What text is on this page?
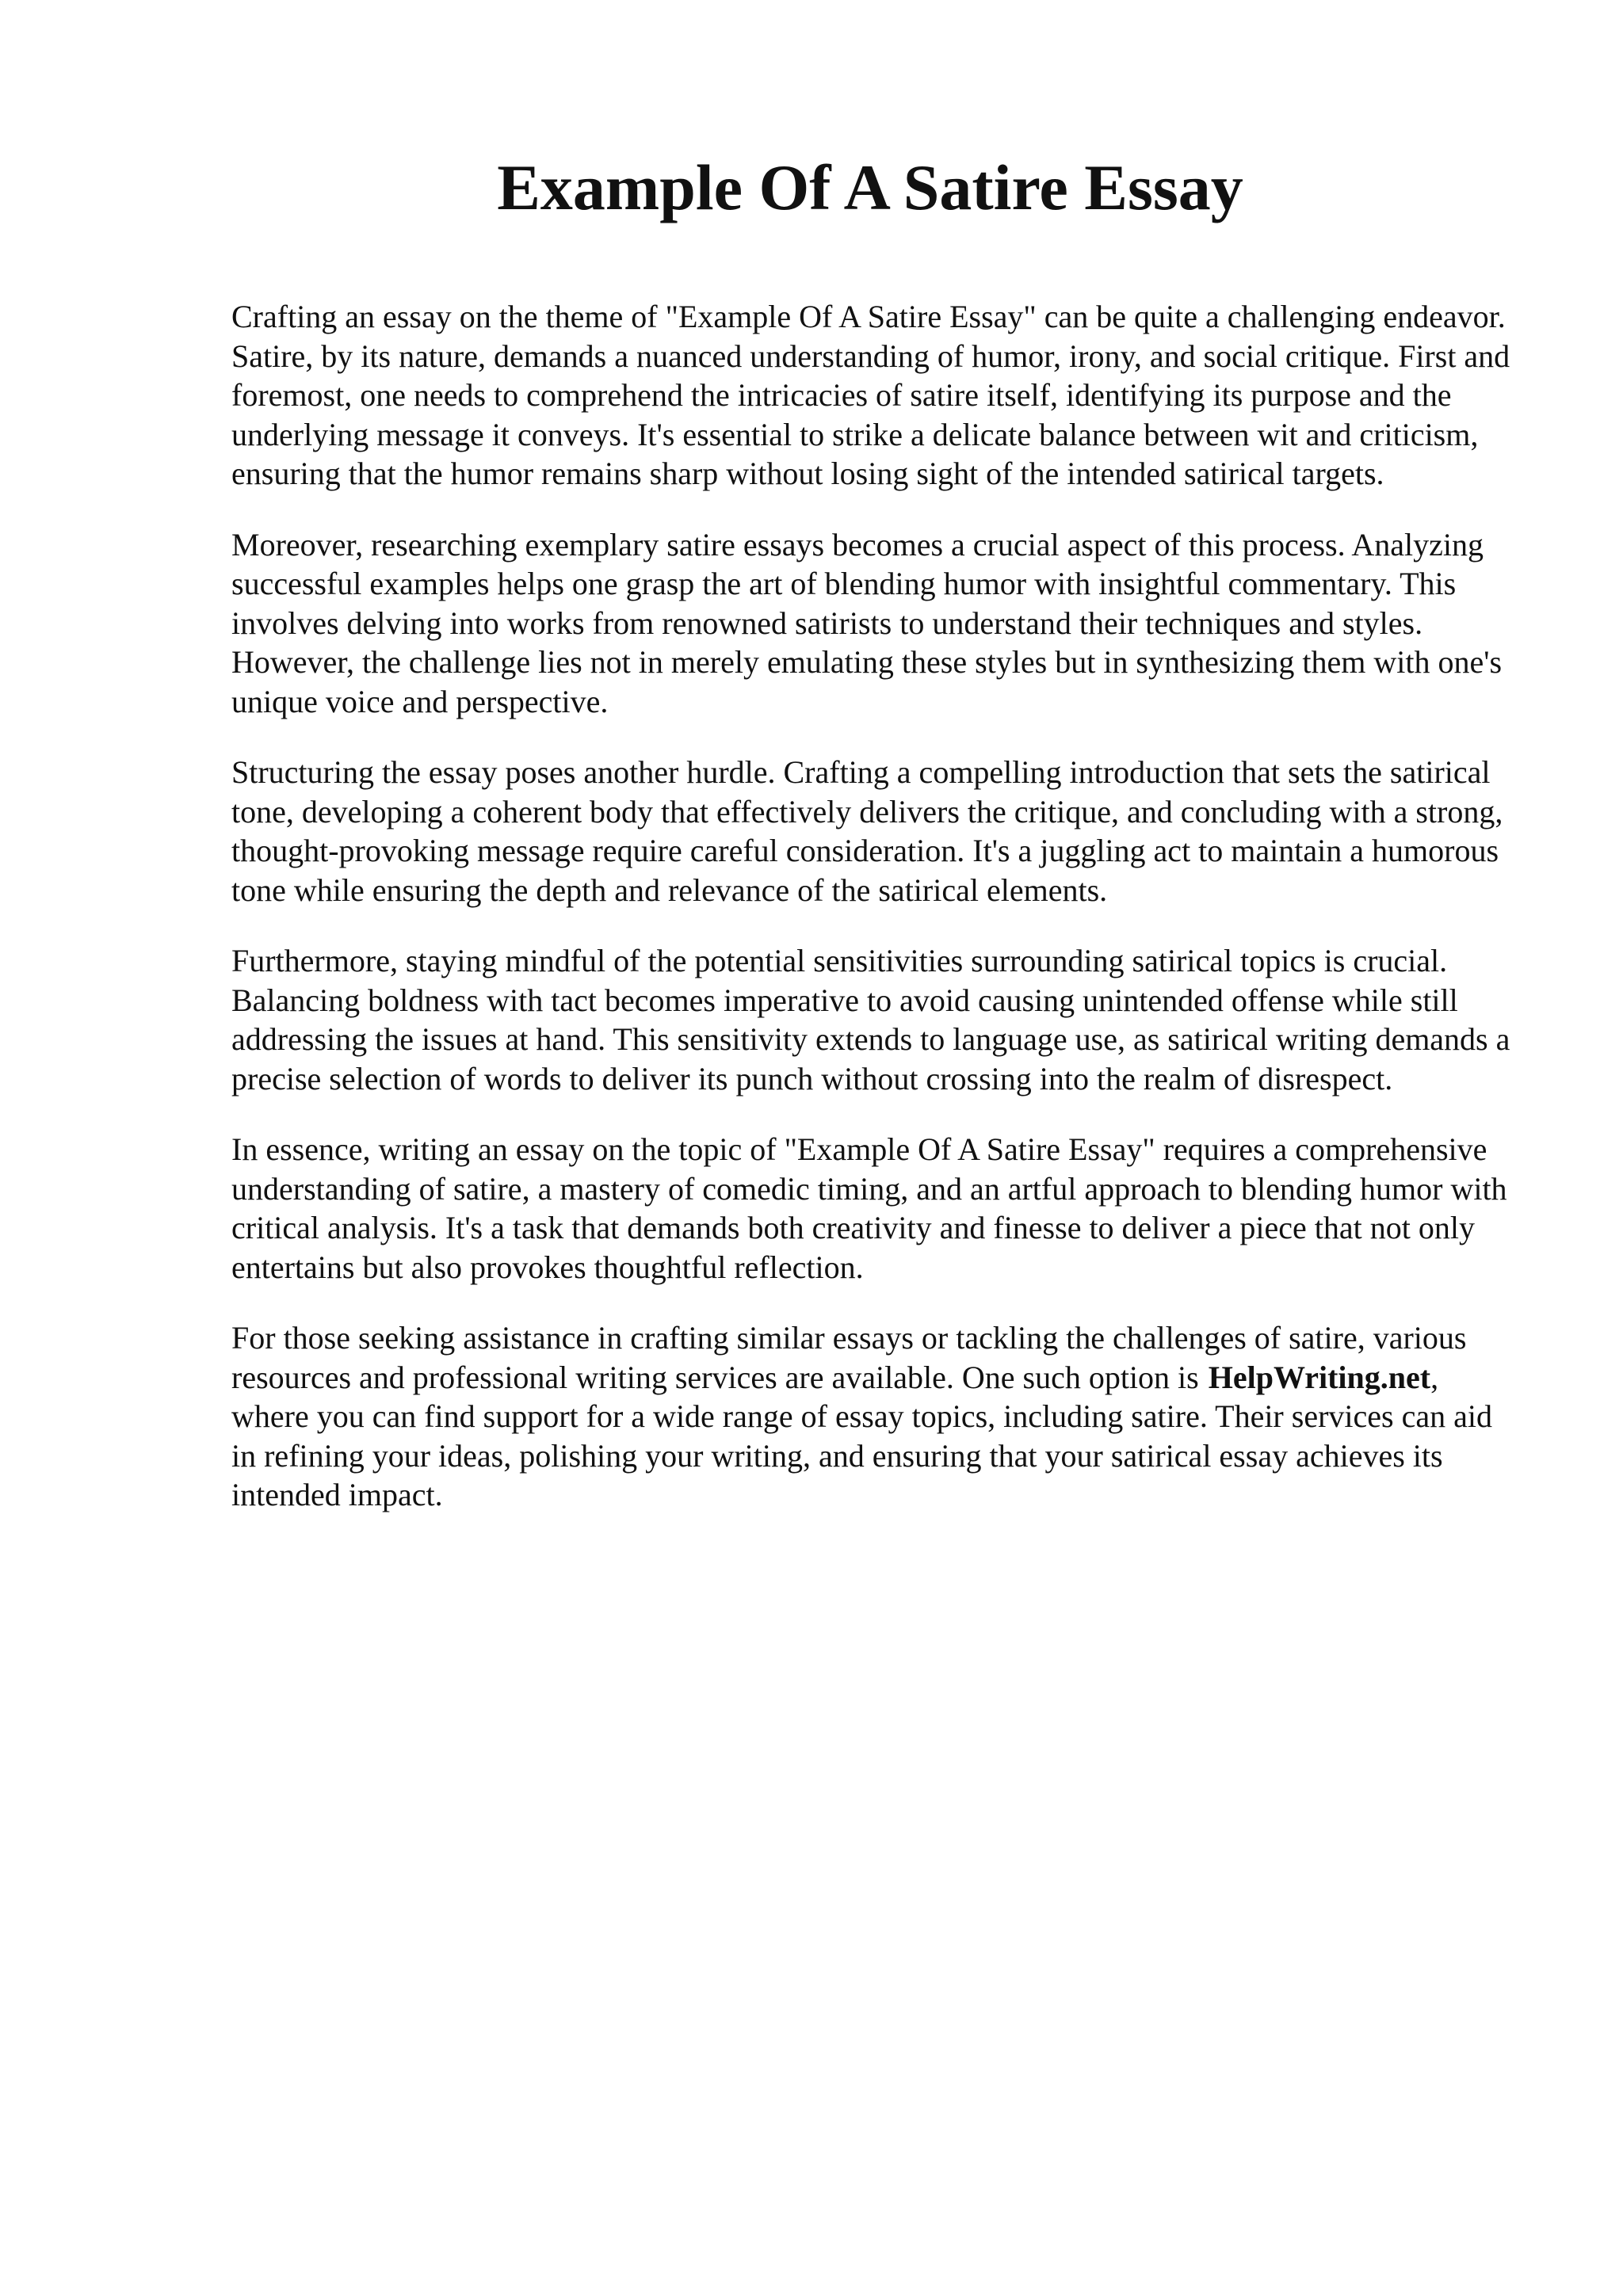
Example Of A Satire Essay

Crafting an essay on the theme of "Example Of A Satire Essay" can be quite a challenging endeavor. Satire, by its nature, demands a nuanced understanding of humor, irony, and social critique. First and foremost, one needs to comprehend the intricacies of satire itself, identifying its purpose and the underlying message it conveys. It's essential to strike a delicate balance between wit and criticism, ensuring that the humor remains sharp without losing sight of the intended satirical targets.

Moreover, researching exemplary satire essays becomes a crucial aspect of this process. Analyzing successful examples helps one grasp the art of blending humor with insightful commentary. This involves delving into works from renowned satirists to understand their techniques and styles. However, the challenge lies not in merely emulating these styles but in synthesizing them with one's unique voice and perspective.

Structuring the essay poses another hurdle. Crafting a compelling introduction that sets the satirical tone, developing a coherent body that effectively delivers the critique, and concluding with a strong, thought-provoking message require careful consideration. It's a juggling act to maintain a humorous tone while ensuring the depth and relevance of the satirical elements.

Furthermore, staying mindful of the potential sensitivities surrounding satirical topics is crucial. Balancing boldness with tact becomes imperative to avoid causing unintended offense while still addressing the issues at hand. This sensitivity extends to language use, as satirical writing demands a precise selection of words to deliver its punch without crossing into the realm of disrespect.

In essence, writing an essay on the topic of "Example Of A Satire Essay" requires a comprehensive understanding of satire, a mastery of comedic timing, and an artful approach to blending humor with critical analysis. It's a task that demands both creativity and finesse to deliver a piece that not only entertains but also provokes thoughtful reflection.

For those seeking assistance in crafting similar essays or tackling the challenges of satire, various resources and professional writing services are available. One such option is HelpWriting.net, where you can find support for a wide range of essay topics, including satire. Their services can aid in refining your ideas, polishing your writing, and ensuring that your satirical essay achieves its intended impact.
